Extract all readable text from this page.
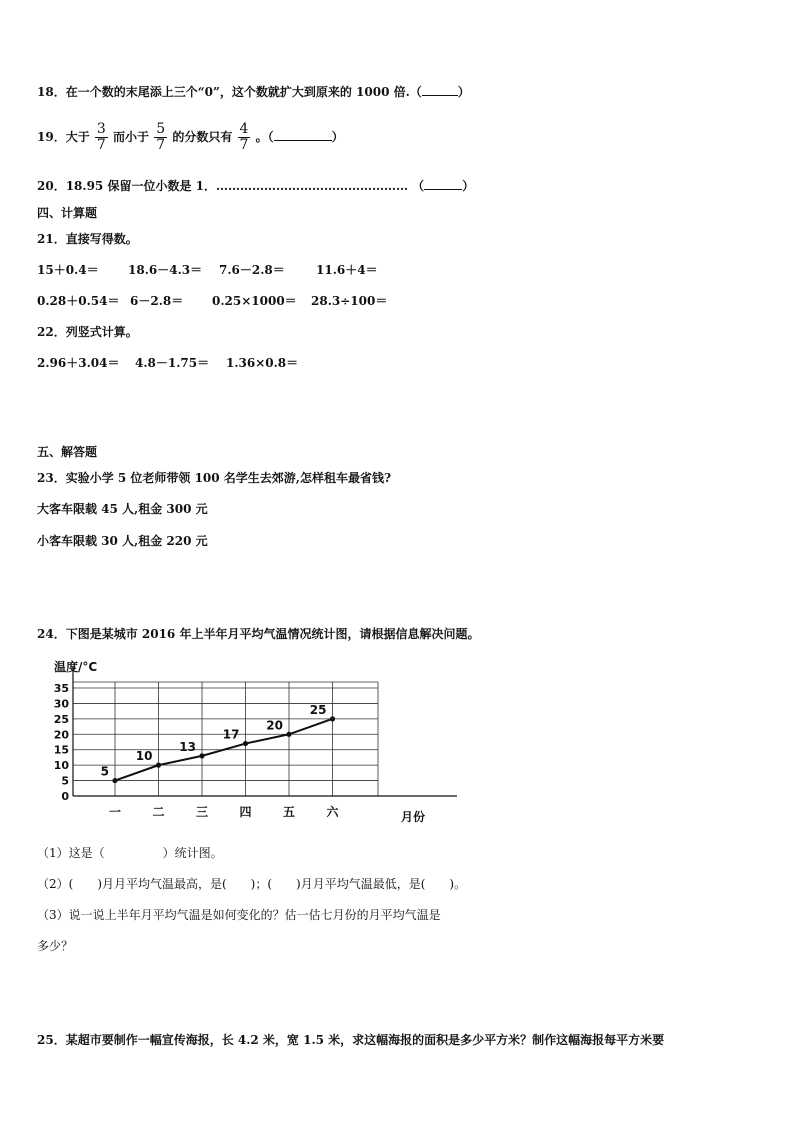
18．在一个数的末尾添上三个“0”，这个数就扩大到原来的 1000 倍.（	）
19．大于 $\frac{3}{7}$ 而小于 $\frac{5}{7}$ 的分数只有 $\frac{4}{7}$ 。（	）
20．18.95 保留一位小数是 1．………………………………………… （	）
四、计算题
21．直接写得数。
15＋0.4＝ 18.6－4.3＝ 7.6－2.8＝	11.6＋4＝
0.28＋0.54＝ 6－2.8＝ 0.25×1000＝ 28.3÷100＝
22．列竖式计算。
2.96＋3.04＝ 4.8－1.75＝ 1.36×0.8＝
五、解答题
23．实验小学 5 位老师带领 100 名学生去郊游,怎样租车最省钱?
大客车限载 45 人,租金 300 元
小客车限载 30 人,租金 220 元
24．下图是某城市 2016 年上半年月平均气温情况统计图，请根据信息解决问题。
温度/°C
月份
0
5
10
15
20
25
30
35
一	二	三	四	五	六
5
10
13
17
20
25
（1）这是（	）统计图。
（2）(　　)月月平均气温最高，是(　　)；(　　)月月平均气温最低，是(　　)。
（3）说一说上半年月平均气温是如何变化的？估一估七月份的月平均气温是
多少？
25．某超市要制作一幅宣传海报，长 4.2 米，宽 1.5 米，求这幅海报的面积是多少平方米？制作这幅海报每平方米要
